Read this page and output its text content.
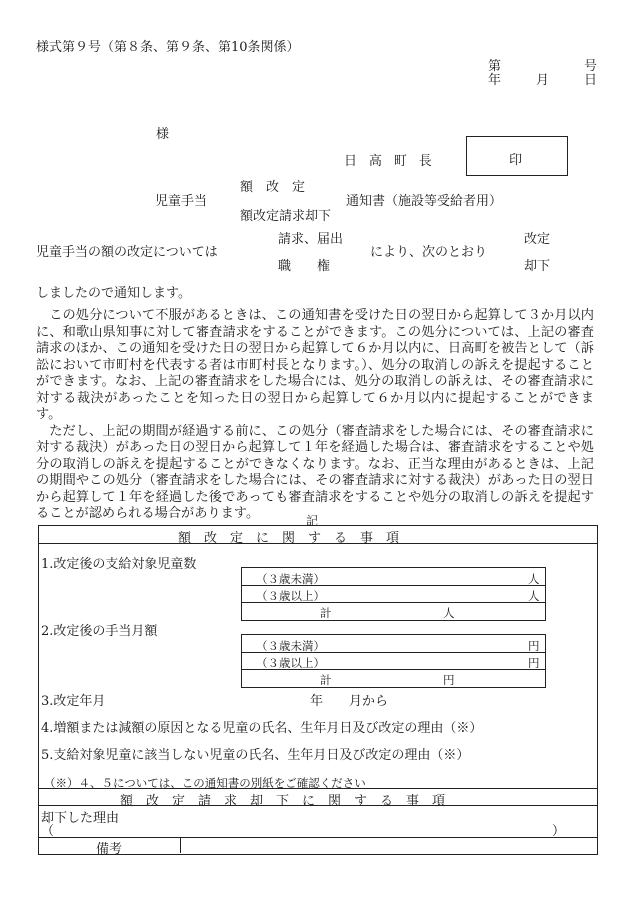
様式第９号（第８条、第９条、第10条関係）
第	号
年	月	日
様
日 高 町 長	印
額　改　定
児童手当	通知書（施設等受給者用）
額改定請求却下
請求、届出	改定
児童手当の額の改定については	により、次のとおり
職　　権	却下
しましたので通知します。

この処分について不服があるときは、この通知書を受けた日の翌日から起算して３か月以内に、和歌山県知事に対して審査請求をすることができます。この処分については、上記の審査請求のほか、この通知を受けた日の翌日から起算して６か月以内に、日高町を被告として（訴訟において市町村を代表する者は市町村長となります。）、処分の取消しの訴えを提起することができます。なお、上記の審査請求をした場合には、処分の取消しの訴えは、その審査請求に対する裁決があったことを知った日の翌日から起算して６か月以内に提起することができます。

ただし、上記の期間が経過する前に、この処分（審査請求をした場合には、その審査請求に対する裁決）があった日の翌日から起算して１年を経過した場合は、審査請求をすることや処分の取消しの訴えを提起することができなくなります。なお、正当な理由があるときは、上記の期間やこの処分（審査請求をした場合には、その審査請求に対する裁決）があった日の翌日から起算して１年を経過した後であっても審査請求をすることや処分の取消しの訴えを提起することが認められる場合があります。	記
額　改　定　に　関　す　る　事　項
1.改定後の支給対象児童数
（３歳未満）	人
（３歳以上）	人
計	人
2.改定後の手当月額
（３歳未満）	円
（３歳以上）	円
計	円
3.改定年月	年　　月から
4.増額または減額の原因となる児童の氏名、生年月日及び改定の理由（※）
5.支給対象児童に該当しない児童の氏名、生年月日及び改定の理由（※）
（※）４、５については、この通知書の別紙をご確認ください
額　改　定　請　求　却　下　に　関　す　る　事　項
却下した理由
（	）
備考
